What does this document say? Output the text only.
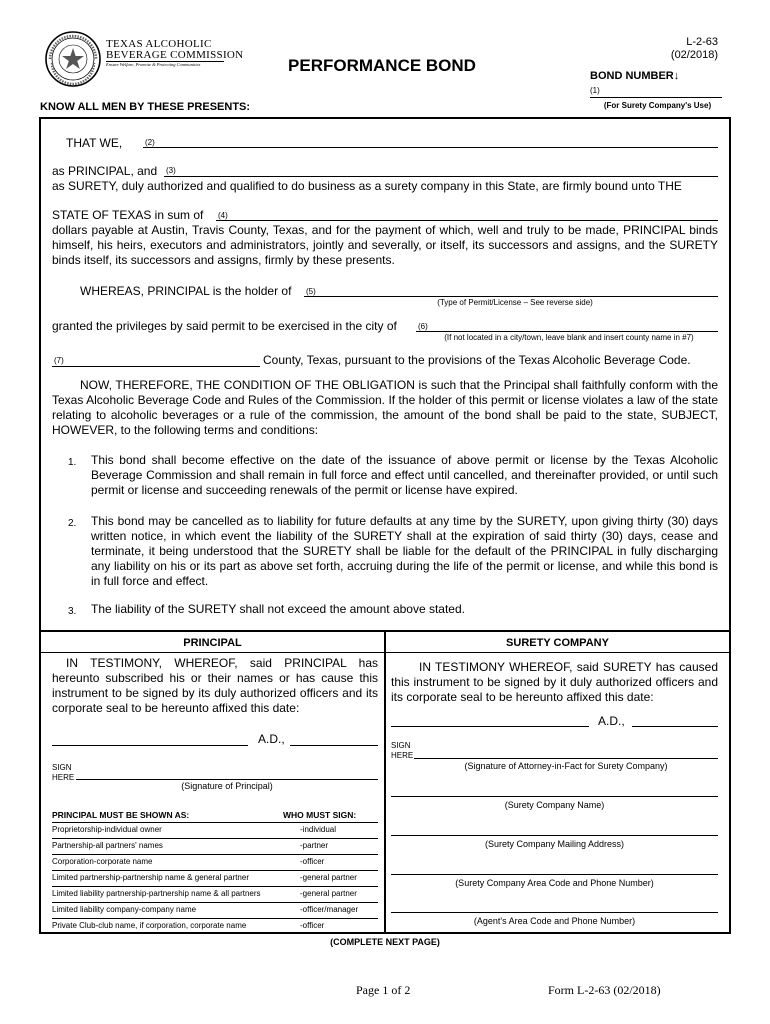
TEXAS ALCOHOLIC
BEVERAGE COMMISSION
Ensure Welfare, Promote & Protecting Communities	PERFORMANCE BOND
L-2-63
(02/2018)
BOND NUMBER↓
(1)
(For Surety Company's Use)
KNOW ALL MEN BY THESE PRESENTS:
THAT WE,	(2)
as PRINCIPAL, and (3)
as SURETY, duly authorized and qualified to do business as a surety company in this State, are firmly bound unto THE
STATE OF TEXAS in sum of (4)
dollars payable at Austin, Travis County, Texas, and for the payment of which, well and truly to be made, PRINCIPAL binds himself, his heirs, executors and administrators, jointly and severally, or itself, its successors and assigns, and the SURETY binds itself, its successors and assigns, firmly by these presents.
WHEREAS, PRINCIPAL is the holder of (5)
(Type of Permit/License – See reverse side)
granted the privileges by said permit to be exercised in the city of	(6)
(If not located in a city/town, leave blank and insert county name in #7)
(7)	County, Texas, pursuant to the provisions of the Texas Alcoholic Beverage Code.
NOW, THEREFORE, THE CONDITION OF THE OBLIGATION is such that the Principal shall faithfully conform with the Texas Alcoholic Beverage Code and Rules of the Commission. If the holder of this permit or license violates a law of the state relating to alcoholic beverages or a rule of the commission, the amount of the bond shall be paid to the state, SUBJECT, HOWEVER, to the following terms and conditions:
1. This bond shall become effective on the date of the issuance of above permit or license by the Texas Alcoholic Beverage Commission and shall remain in full force and effect until cancelled, and thereinafter provided, or until such permit or license and succeeding renewals of the permit or license have expired.
2. This bond may be cancelled as to liability for future defaults at any time by the SURETY, upon giving thirty (30) days written notice, in which event the liability of the SURETY shall at the expiration of said thirty (30) days, cease and terminate, it being understood that the SURETY shall be liable for the default of the PRINCIPAL in fully discharging any liability on his or its part as above set forth, accruing during the life of the permit or license, and while this bond is in full force and effect.
3. The liability of the SURETY shall not exceed the amount above stated.
PRINCIPAL
IN TESTIMONY, WHEREOF, said PRINCIPAL has hereunto subscribed his or their names or has cause this instrument to be signed by its duly authorized officers and its corporate seal to be hereunto affixed this date:
A.D.,
SIGN
HERE
(Signature of Principal)
PRINCIPAL MUST BE SHOWN AS:	WHO MUST SIGN:
Proprietorship-individual owner	-individual
Partnership-all partners' names	-partner
Corporation-corporate name	-officer
Limited partnership-partnership name & general partner	-general partner
Limited liability partnership-partnership name & all partners	-general partner
Limited liability company-company name	-officer/manager
Private Club-club name, if corporation, corporate name	-officer
SURETY COMPANY
IN TESTIMONY WHEREOF, said SURETY has caused this instrument to be signed by it duly authorized officers and its corporate seal to be hereunto affixed this date:
A.D.,
SIGN
HERE
(Signature of Attorney-in-Fact for Surety Company)
(Surety Company Name)
(Surety Company Mailing Address)
(Surety Company Area Code and Phone Number)
(Agent's Area Code and Phone Number)
(COMPLETE NEXT PAGE)
Page 1 of 2	Form L-2-63 (02/2018)
